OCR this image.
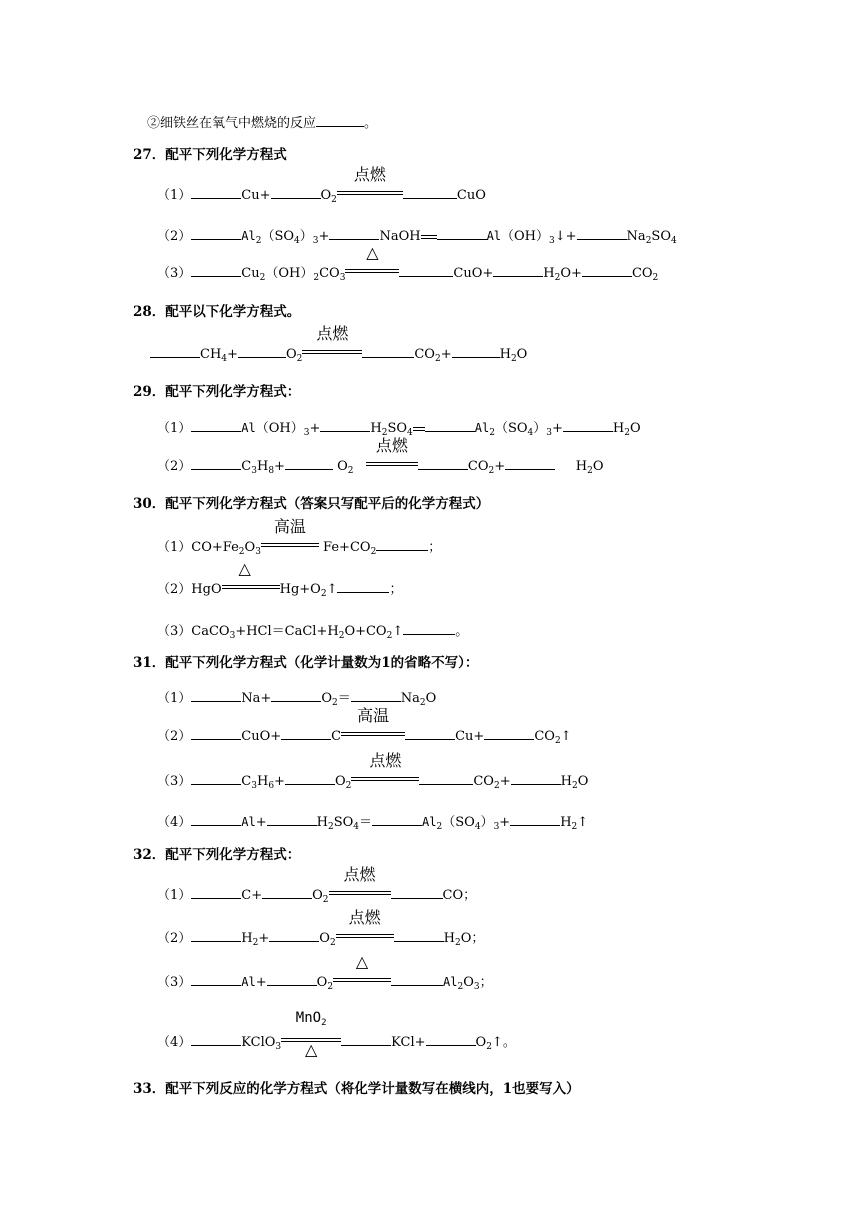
②细铁丝在氧气中燃烧的反应	。
27．配平下列化学方程式
（1）	Cu+	$O_2$
点燃
CuO
（2）	$Al_2(SO_4)_3+$	NaOH	$Al(OH)_3↓+$	$Na_2SO_4$
（3）	$Cu_2(OH)_2CO_3$
△
CuO+	$H_2O+$	$CO_2$
28．配平以下化学方程式。
$CH_4+$	$O_2$
点燃
$CO_2+$	$H_2O$
29．配平下列化学方程式：
（1）	$Al(OH)_3+$	$H_2SO_4$	$Al_2(SO_4)_3+$	$H_2O$
（2）	$C_3H_8+$	$O_2$
点燃
$CO_2+$	$H_2O$
30．配平下列化学方程式（答案只写配平后的化学方程式）
$(1)CO+Fe_2O_3$
高温
$Fe+CO_2$	；
（2）HgO
△
$Hg+O_2↑$	；
$(3)CaCO_3+HCl=CaCl+H_2O+CO_2↑$	。
31．配平下列化学方程式（化学计量数为1的省略不写）：
（1）	Na+	$O_2=$	$Na_2O$
（2）	CuO+	C
高温
Cu+	$CO_2↑$
（3）	$C_3H_6+$	$O_2$
点燃
$CO_2+$	$H_2O$
（4）	Al+	$H_2SO_4=$	$Al_2(SO_4)_3+$	$H_2↑$
32．配平下列化学方程式：
（1）	C+	$O_2$
点燃
CO；
（2）	$H_2+$	$O_2$
点燃
$H_2O$；
（3）	Al+	$O_2$
△
$Al_2O_3$；
（4）	KClO$_3$
MnO$_2$
△	KCl+	$O_2↑$。
33．配平下列反应的化学方程式（将化学计量数写在横线内，1也要写入）
